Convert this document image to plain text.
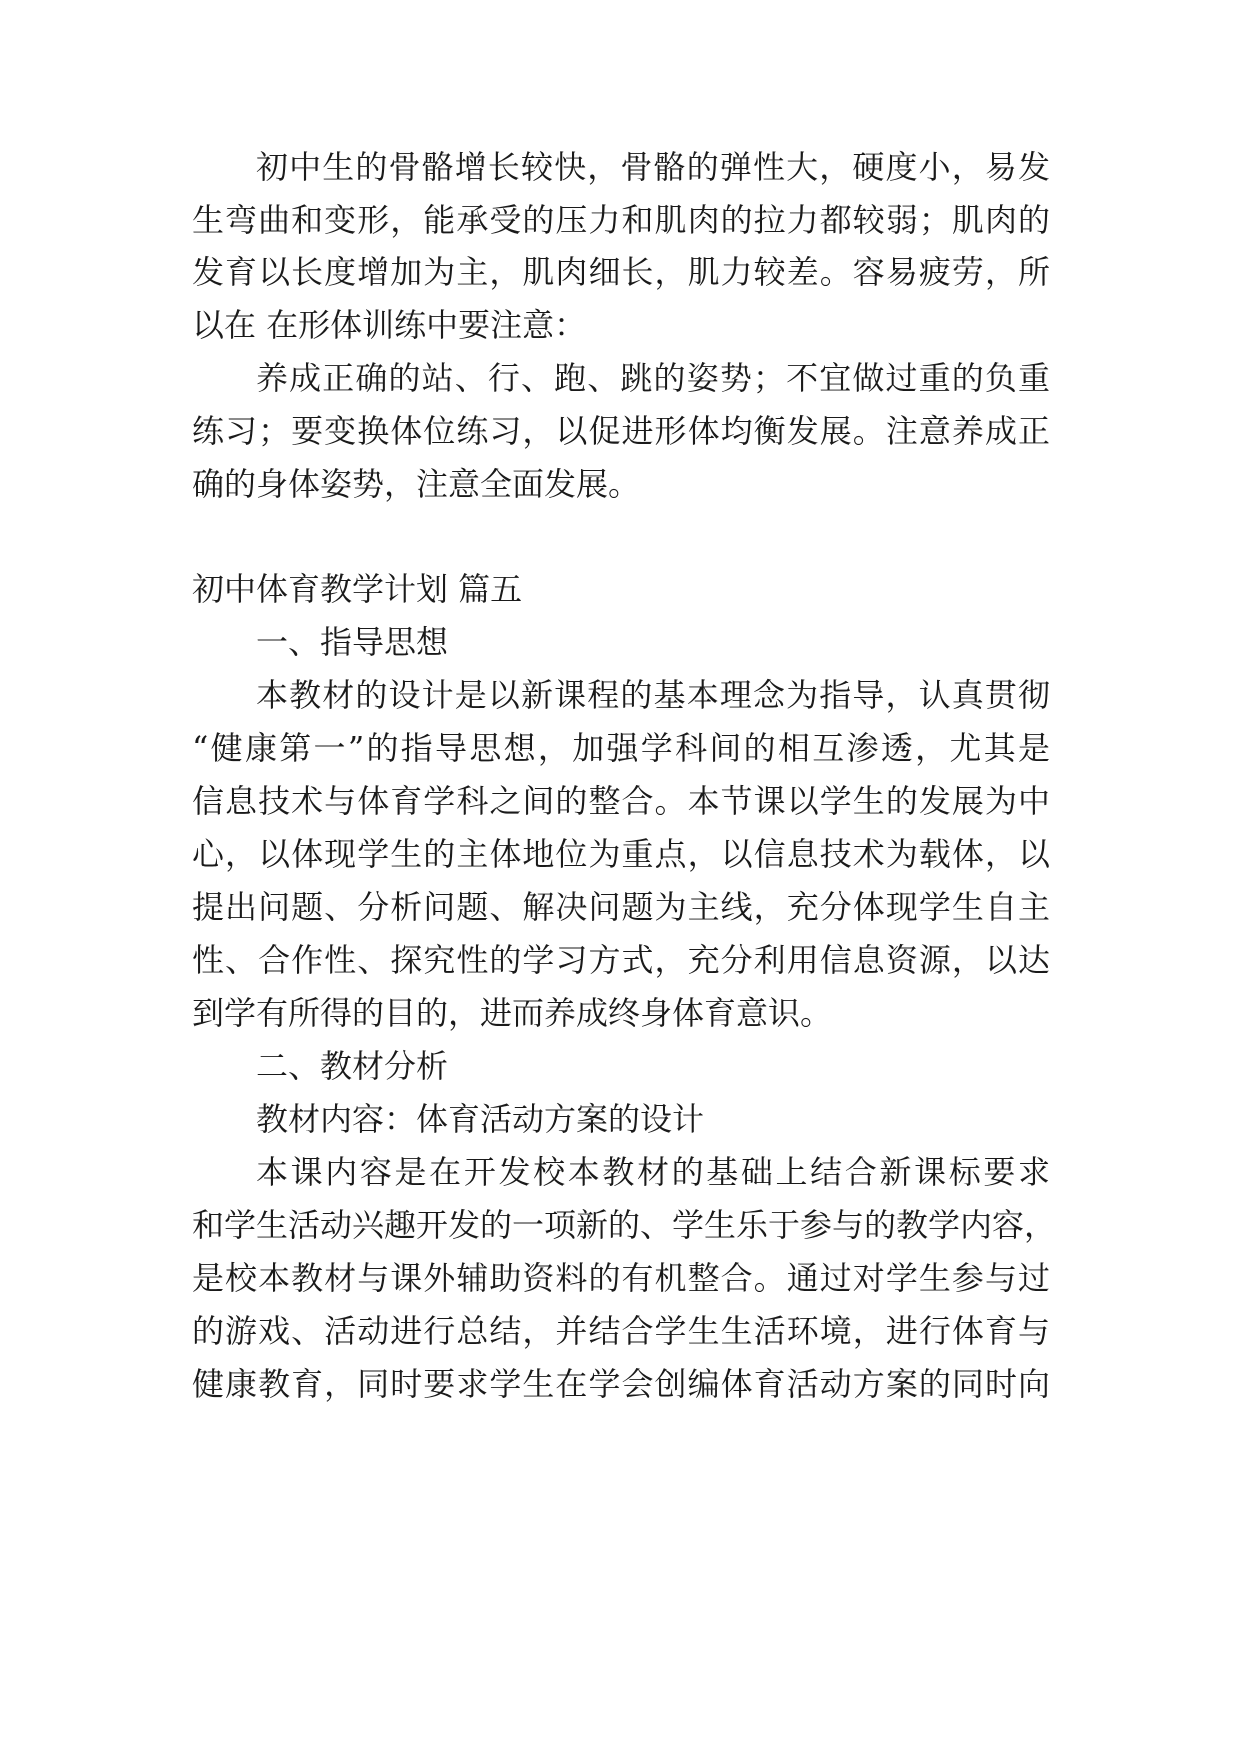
初中生的骨骼增长较快，骨骼的弹性大，硬度小，易发
生弯曲和变形，能承受的压力和肌肉的拉力都较弱；肌肉的
发育以长度增加为主，肌肉细长，肌力较差。容易疲劳，所
以在 在形体训练中要注意：
养成正确的站、行、跑、跳的姿势；不宜做过重的负重
练习；要变换体位练习，以促进形体均衡发展。注意养成正
确的身体姿势，注意全面发展。
初中体育教学计划 篇五
一、指导思想
本教材的设计是以新课程的基本理念为指导，认真贯彻
“健康第一”的指导思想，加强学科间的相互渗透，尤其是
信息技术与体育学科之间的整合。本节课以学生的发展为中
心，以体现学生的主体地位为重点，以信息技术为载体，以
提出问题、分析问题、解决问题为主线，充分体现学生自主
性、合作性、探究性的学习方式，充分利用信息资源，以达
到学有所得的目的，进而养成终身体育意识。
二、教材分析
教材内容：体育活动方案的设计
本课内容是在开发校本教材的基础上结合新课标要求
和学生活动兴趣开发的一项新的、学生乐于参与的教学内容，
是校本教材与课外辅助资料的有机整合。通过对学生参与过
的游戏、活动进行总结，并结合学生生活环境，进行体育与
健康教育，同时要求学生在学会创编体育活动方案的同时向
